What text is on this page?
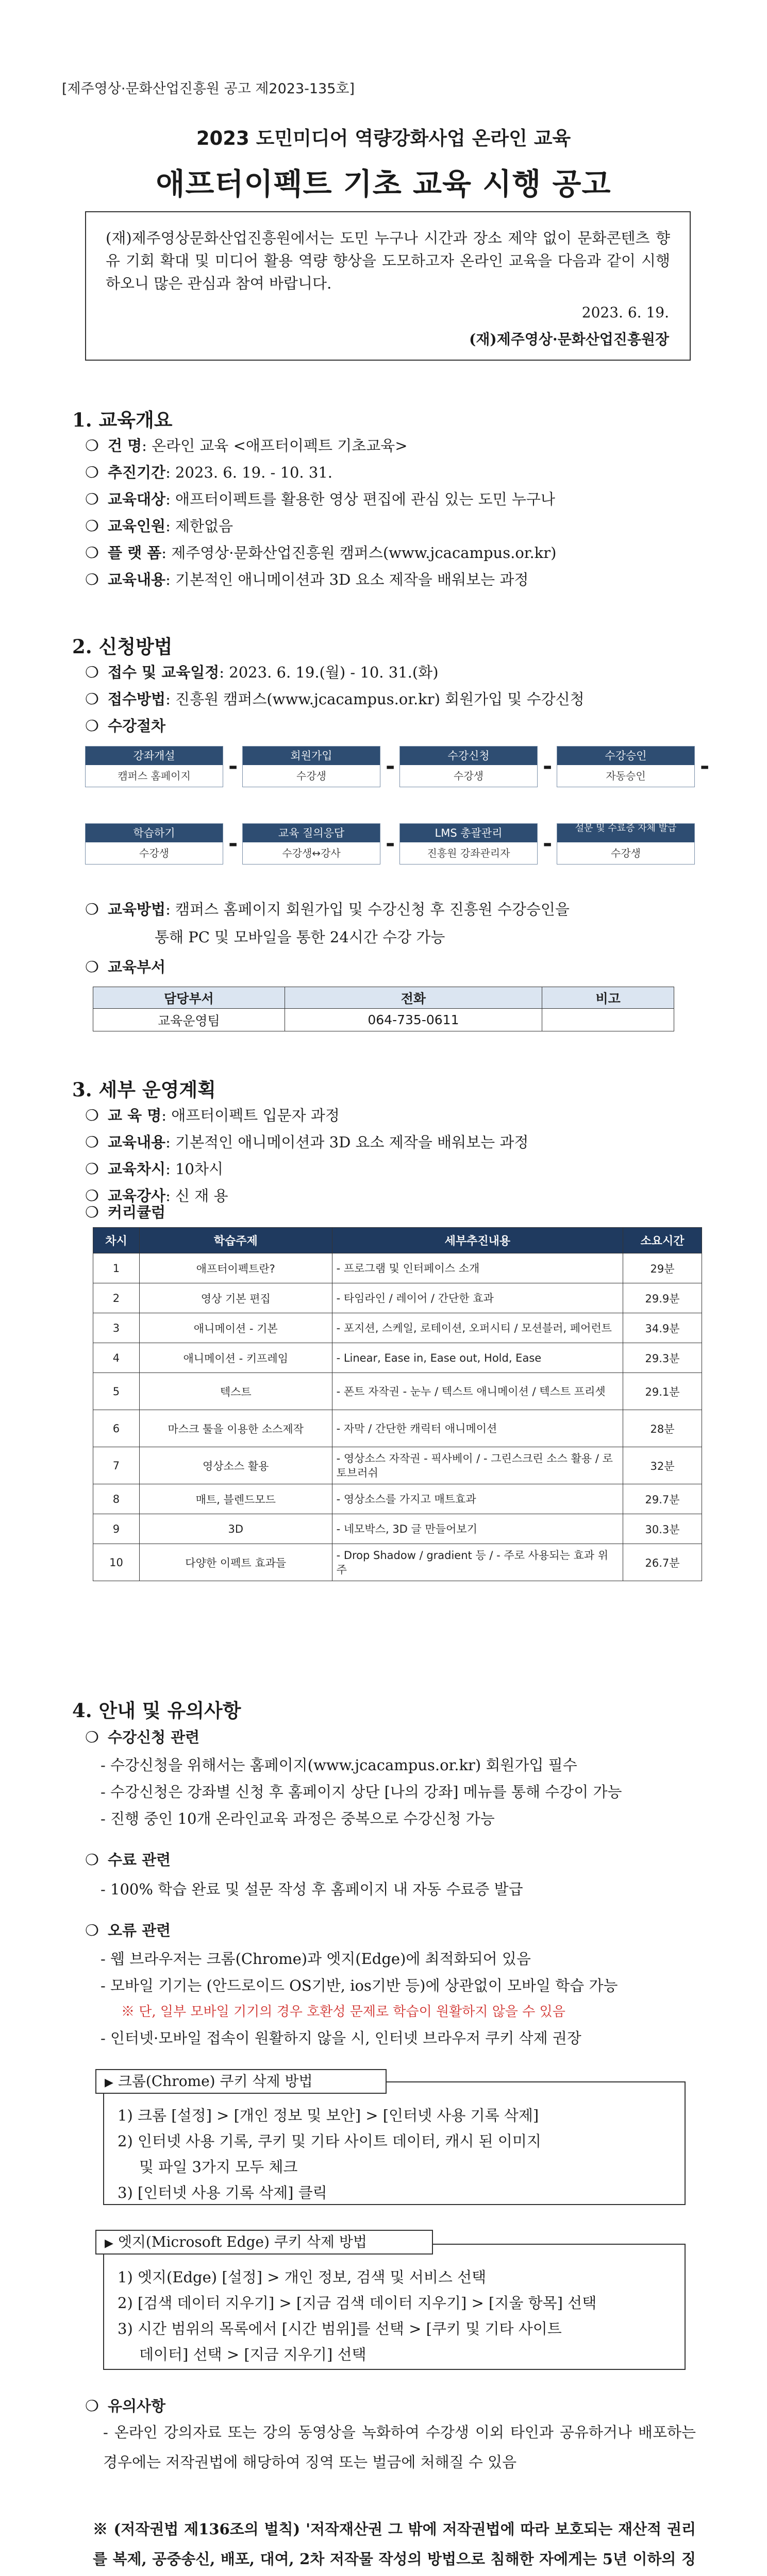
[제주영상·문화산업진흥원 공고 제2023-135호]
2023 도민미디어 역량강화사업 온라인 교육
애프터이펙트 기초 교육 시행 공고
(재)제주영상문화산업진흥원에서는 도민 누구나 시간과 장소 제약 없이 문화콘텐츠 향유 기회 확대 및 미디어 활용 역량 향상을 도모하고자 온라인 교육을 다음과 같이 시행하오니 많은 관심과 참여 바랍니다.
2023. 6. 19.
(재)제주영상·문화산업진흥원장
1. 교육개요
❍ 건 명: 온라인 교육 <애프터이펙트 기초교육>
❍ 추진기간: 2023. 6. 19. - 10. 31.
❍ 교육대상: 애프터이펙트를 활용한 영상 편집에 관심 있는 도민 누구나
❍ 교육인원: 제한없음
❍ 플 랫 폼: 제주영상·문화산업진흥원 캠퍼스(www.jcacampus.or.kr)
❍ 교육내용: 기본적인 애니메이션과 3D 요소 제작을 배워보는 과정
2. 신청방법
❍ 접수 및 교육일정: 2023. 6. 19.(월) - 10. 31.(화)
❍ 접수방법: 진흥원 캠퍼스(www.jcacampus.or.kr) 회원가입 및 수강신청
❍ 수강절차
강좌개설
캠퍼스 홈페이지	-	회원가입
수강생	-	수강신청
수강생	-	수강승인
자동승인	-
학습하기
수강생	-	교육 질의응답
수강생↔강사	-	LMS 총괄관리
진흥원 강좌관리자	-
설문 및 수료증 자체 발급
수강생
❍ 교육방법: 캠퍼스 홈페이지 회원가입 및 수강신청 후 진흥원 수강승인을
통해 PC 및 모바일을 통한 24시간 수강 가능
❍ 교육부서
담당부서	전화	비고
교육운영팀	064-735-0611	
3. 세부 운영계획
❍ 교 육 명: 애프터이펙트 입문자 과정
❍ 교육내용: 기본적인 애니메이션과 3D 요소 제작을 배워보는 과정
❍ 교육차시: 10차시
❍ 교육강사: 신 재 용
❍ 커리큘럼
차시	학습주제	세부추진내용	소요시간
1	애프터이펙트란?	- 프로그램 및 인터페이스 소개	29분
2	영상 기본 편집	- 타임라인 / 레이어 / 간단한 효과	29.9분
3	애니메이션 - 기본	- 포지션, 스케일, 로테이션, 오퍼시티 / 모션블러, 페어런트	34.9분
4	애니메이션 - 키프레임	- Linear, Ease in, Ease out, Hold, Ease	29.3분
5	텍스트	- 폰트 자작권 - 눈누 / 텍스트 애니메이션 / 텍스트 프리셋	29.1분
6	마스크 툴을 이용한 소스제작	- 자막 / 간단한 캐릭터 애니메이션	28분
7	영상소스 활용	- 영상소스 자작권 - 픽사베이 / - 그린스크린 소스 활용 / 로토브러쉬	32분
8	매트, 블렌드모드	- 영상소스를 가지고 매트효과	29.7분
9	3D	- 네모박스, 3D 글 만들어보기	30.3분
10	다양한 이펙트 효과들	- Drop Shadow / gradient 등 / - 주로 사용되는 효과 위주	26.7분
4. 안내 및 유의사항
❍ 수강신청 관련
- 수강신청을 위해서는 홈페이지(www.jcacampus.or.kr) 회원가입 필수
- 수강신청은 강좌별 신청 후 홈페이지 상단 [나의 강좌] 메뉴를 통해 수강이 가능
- 진행 중인 10개 온라인교육 과정은 중복으로 수강신청 가능
❍ 수료 관련
- 100% 학습 완료 및 설문 작성 후 홈페이지 내 자동 수료증 발급
❍ 오류 관련
- 웹 브라우저는 크롬(Chrome)과 엣지(Edge)에 최적화되어 있음
- 모바일 기기는 (안드로이드 OS기반, ios기반 등)에 상관없이 모바일 학습 가능
※ 단, 일부 모바일 기기의 경우 호환성 문제로 학습이 원활하지 않을 수 있음
- 인터넷·모바일 접속이 원활하지 않을 시, 인터넷 브라우저 쿠키 삭제 권장
▶ 크롬(Chrome) 쿠키 삭제 방법
1) 크롬 [설정] > [개인 정보 및 보안] > [인터넷 사용 기록 삭제]
2) 인터넷 사용 기록, 쿠키 및 기타 사이트 데이터, 캐시 된 이미지
및 파일 3가지 모두 체크
3) [인터넷 사용 기록 삭제] 클릭
▶ 엣지(Microsoft Edge) 쿠키 삭제 방법
1) 엣지(Edge) [설정] > 개인 정보, 검색 및 서비스 선택
2) [검색 데이터 지우기] > [지금 검색 데이터 지우기] > [지울 항목] 선택
3) 시간 범위의 목록에서 [시간 범위]를 선택 > [쿠키 및 기타 사이트
데이터] 선택 > [지금 지우기] 선택
❍ 유의사항
- 온라인 강의자료 또는 강의 동영상을 녹화하여 수강생 이외 타인과 공유하거나 배포하는 경우에는 저작권법에 해당하여 징역 또는 벌금에 처해질 수 있음
※ (저작권법 제136조의 벌칙) '저작재산권 그 밖에 저작권법에 따라 보호되는 재산적 권리를 복제, 공중송신, 배포, 대여, 2차 저작물 작성의 방법으로 침해한 자에게는 5년 이하의 징
